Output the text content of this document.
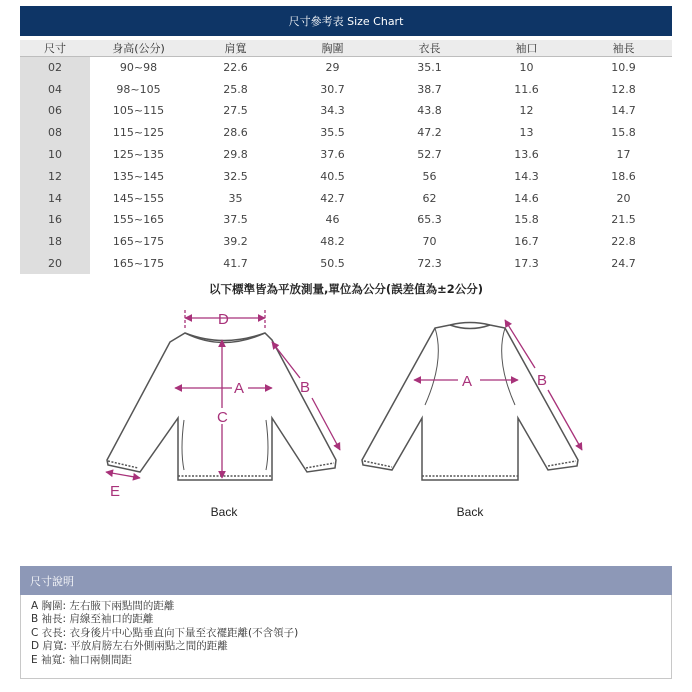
尺寸參考表 Size Chart
尺寸	身高(公分)	肩寬	胸圍	衣長	袖口	袖長
02	90~98	22.6	29	35.1	10	10.9
04	98~105	25.8	30.7	38.7	11.6	12.8
06	105~115	27.5	34.3	43.8	12	14.7
08	115~125	28.6	35.5	47.2	13	15.8
10	125~135	29.8	37.6	52.7	13.6	17
12	135~145	32.5	40.5	56	14.3	18.6
14	145~155	35	42.7	62	14.6	20
16	155~165	37.5	46	65.3	15.8	21.5
18	165~175	39.2	48.2	70	16.7	22.8
20	165~175	41.7	50.5	72.3	17.3	24.7
以下標準皆為平放測量,單位為公分(誤差值為±2公分)
D
A
C
B
E
Back
A	B
Back
尺寸說明
A 胸圍: 左右腋下兩點間的距離
B 袖長: 肩線至袖口的距離
C 衣長: 衣身後片中心點垂直向下量至衣襬距離(不含領子)
D 肩寬: 平放肩膀左右外側兩點之間的距離
E 袖寬: 袖口兩側間距
